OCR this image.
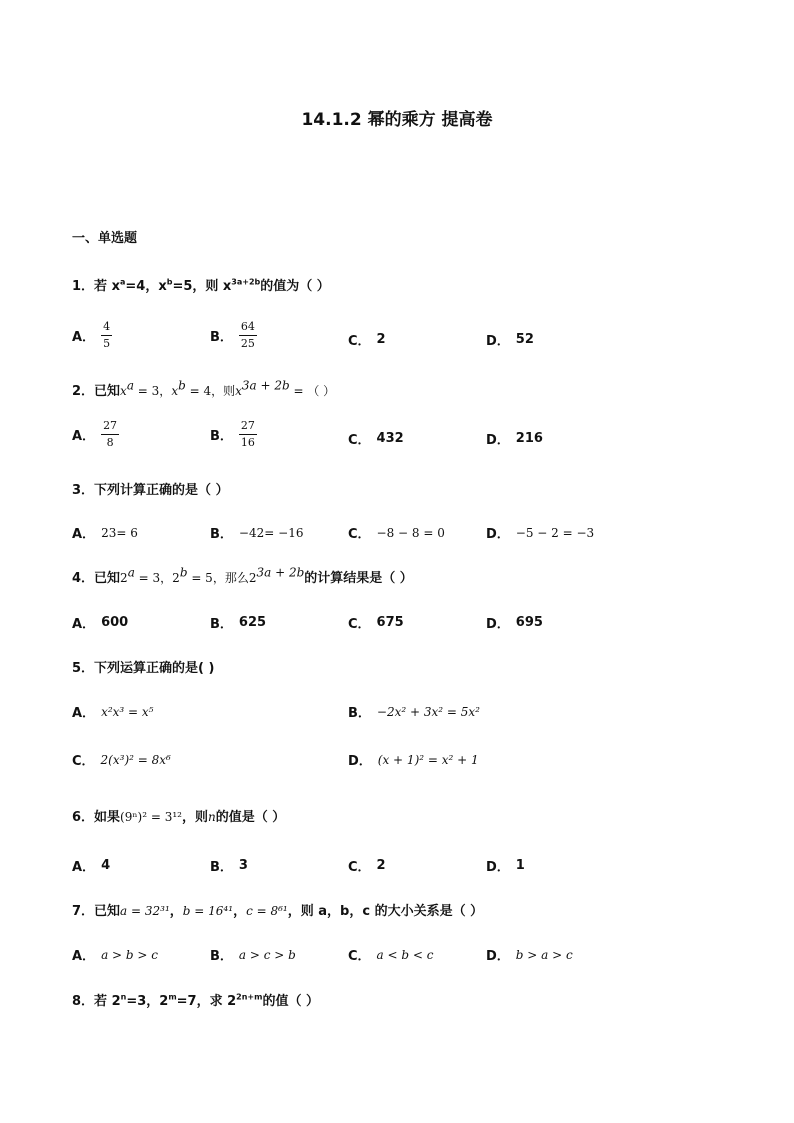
14.1.2 幂的乘方 提高卷
一、单选题
1．若 $x^a=4$，$x^b=5$，则 $x^{3a+2b}$的值为（ ）
A． $\frac{4}{5}$	B． $\frac{64}{25}$	C． 2	D． 52
2．已知$x^a = 3$，$x^b = 4$，则$x^{3a + 2b}$ = （ ）
A． $\frac{27}{8}$	B． $\frac{27}{16}$	C． 432	D． 216
3．下列计算正确的是（ ）
A． 2 3 = 6	B． −4 2 = −16	C． −8 − 8 = 0	D． −5 − 2 = −3
4．已知$2^a = 3$，$2^b = 5$，那么$2^{3a + 2b}$的计算结果是（ ）
A． 600	B． 625	C． 675	D． 695
5．下列运算正确的是( )
A． x²x³ = x⁵	B． −2x² + 3x² = 5x²
C． 2(x³)² = 8x⁶	D． (x + 1)² = x² + 1
6．如果(9ⁿ)² = 3¹²，则n的值是（ ）
A． 4	B． 3	C． 2	D． 1
7．已知a = 32³¹，b = 16⁴¹，c = 8⁶¹，则 a，b，c 的大小关系是（ ）
A． a > b > c	B． a > c > b	C． a < b < c	D． b > a > c
8．若 $2^n=3$，$2^m=7$，求 $2^{2n+m}$的值（ ）
